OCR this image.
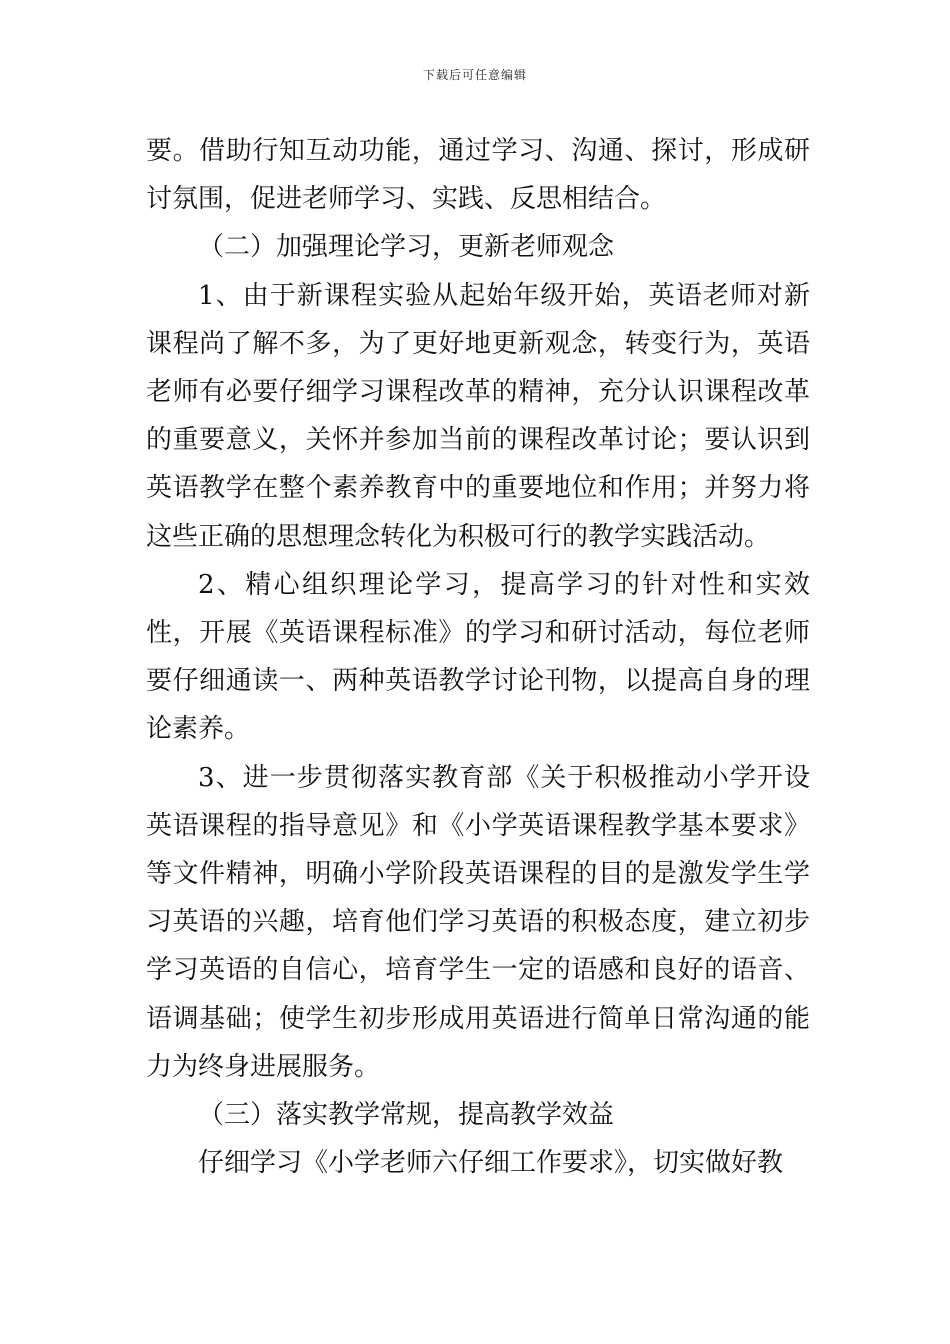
下载后可任意编辑

要。借助行知互动功能，通过学习、沟通、探讨，形成研讨氛围，促进老师学习、实践、反思相结合。

（二）加强理论学习，更新老师观念

1、由于新课程实验从起始年级开始，英语老师对新课程尚了解不多，为了更好地更新观念，转变行为，英语老师有必要仔细学习课程改革的精神，充分认识课程改革的重要意义，关怀并参加当前的课程改革讨论；要认识到英语教学在整个素养教育中的重要地位和作用；并努力将这些正确的思想理念转化为积极可行的教学实践活动。

2、精心组织理论学习，提高学习的针对性和实效性，开展《英语课程标准》的学习和研讨活动，每位老师要仔细通读一、两种英语教学讨论刊物，以提高自身的理论素养。

3、进一步贯彻落实教育部《关于积极推动小学开设英语课程的指导意见》和《小学英语课程教学基本要求》等文件精神，明确小学阶段英语课程的目的是激发学生学习英语的兴趣，培育他们学习英语的积极态度，建立初步学习英语的自信心，培育学生一定的语感和良好的语音、语调基础；使学生初步形成用英语进行简单日常沟通的能力为终身进展服务。

（三）落实教学常规，提高教学效益

仔细学习《小学老师六仔细工作要求》，切实做好教
